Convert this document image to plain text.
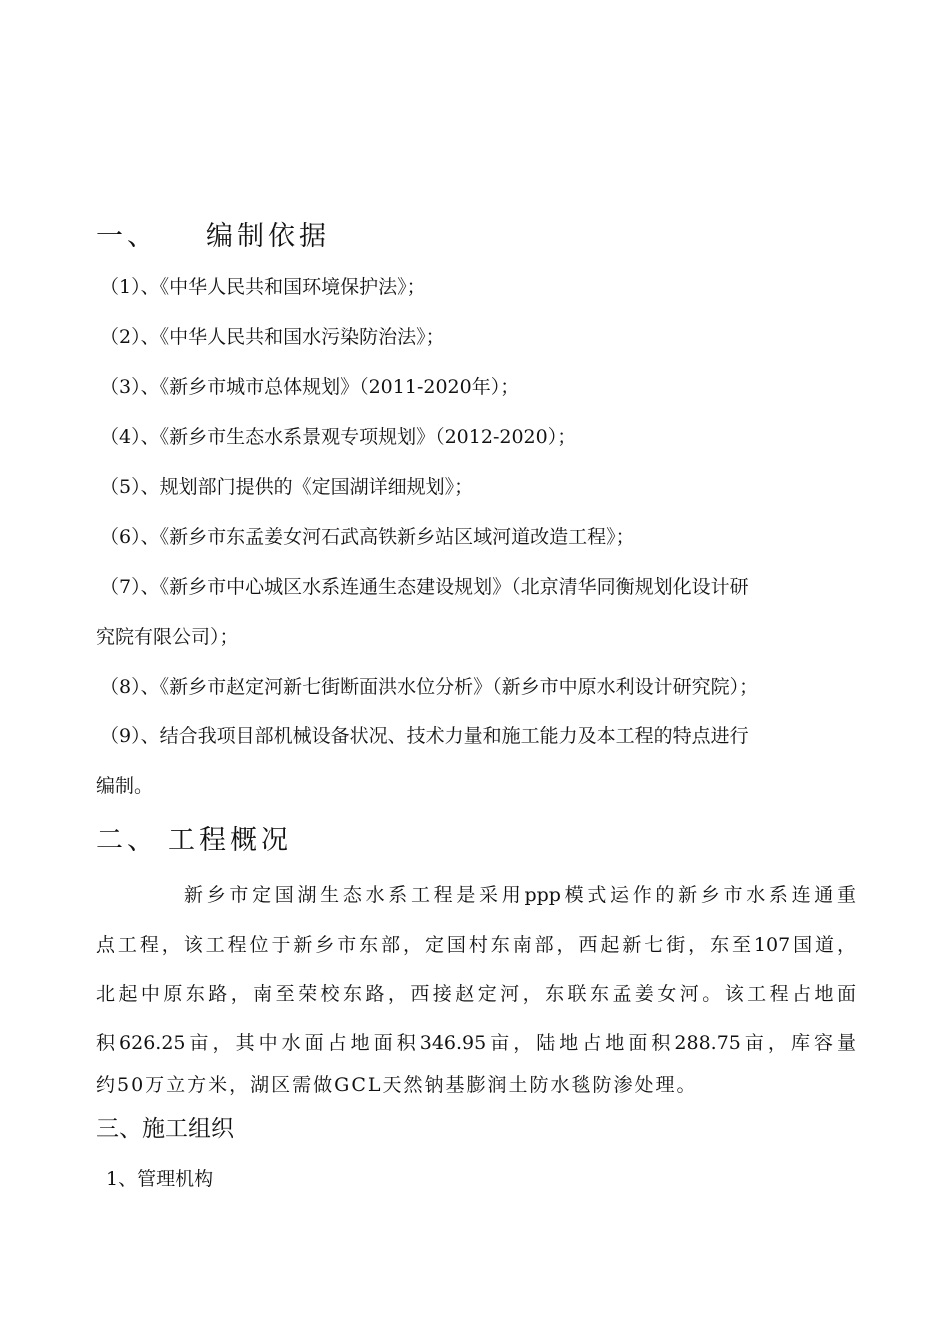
一、 编制依据
（1）、《中华人民共和国环境保护法》；
（2）、《中华人民共和国水污染防治法》；
（3）、《新乡市城市总体规划》（2011-2020年）；
（4）、《新乡市生态水系景观专项规划》（2012-2020）；
（5）、规划部门提供的《定国湖详细规划》；
（6）、《新乡市东孟姜女河石武高铁新乡站区域河道改造工程》；
（7）、《新乡市中心城区水系连通生态建设规划》（北京清华同衡规划化设计研
究院有限公司）；
（8）、《新乡市赵定河新七街断面洪水位分析》（新乡市中原水利设计研究院）；
（9）、结合我项目部机械设备状况、技术力量和施工能力及本工程的特点进行
编制。
二、 工程概况
新乡市定国湖生态水系工程是采用ppp模式运作的新乡市水系连通重
点工程，该工程位于新乡市东部，定国村东南部，西起新七街，东至107国道，
北起中原东路，南至荣校东路，西接赵定河，东联东孟姜女河。该工程占地面
积626.25亩，其中水面占地面积346.95亩，陆地占地面积288.75亩，库容量
约50万立方米，湖区需做GCL天然钠基膨润土防水毯防渗处理。
三、施工组织
1、管理机构
